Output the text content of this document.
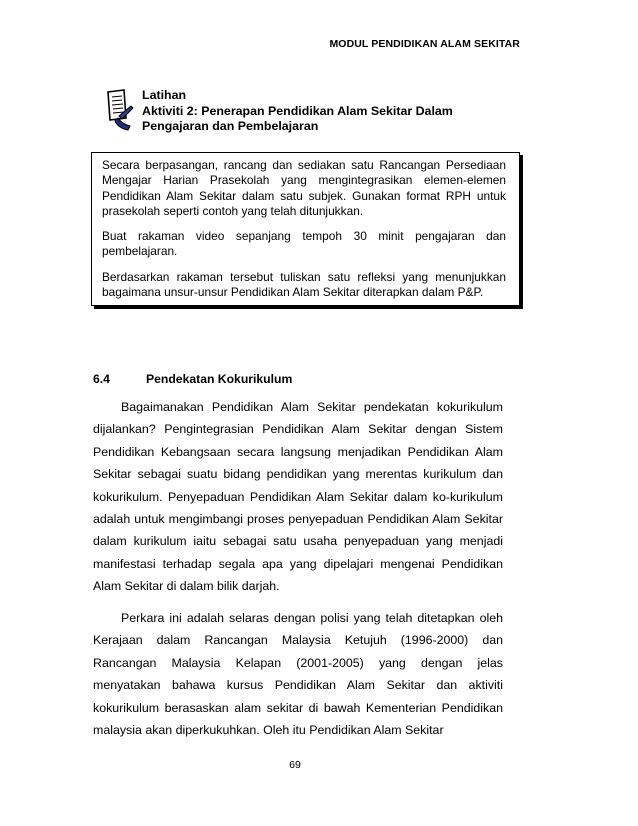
MODUL PENDIDIKAN ALAM SEKITAR
Latihan
Aktiviti 2: Penerapan Pendidikan Alam Sekitar Dalam
Pengajaran dan Pembelajaran

Secara berpasangan, rancang dan sediakan satu Rancangan Persediaan Mengajar Harian Prasekolah yang mengintegrasikan elemen-elemen Pendidikan Alam Sekitar dalam satu subjek. Gunakan format RPH untuk prasekolah seperti contoh yang telah ditunjukkan.

Buat rakaman video sepanjang tempoh 30 minit pengajaran dan pembelajaran.

Berdasarkan rakaman tersebut tuliskan satu refleksi yang menunjukkan bagaimana unsur-unsur Pendidikan Alam Sekitar diterapkan dalam P&P.

6.4	Pendekatan Kokurikulum

Bagaimanakan Pendidikan Alam Sekitar pendekatan kokurikulum dijalankan? Pengintegrasian Pendidikan Alam Sekitar dengan Sistem Pendidikan Kebangsaan secara langsung menjadikan Pendidikan Alam Sekitar sebagai suatu bidang pendidikan yang merentas kurikulum dan kokurikulum. Penyepaduan Pendidikan Alam Sekitar dalam ko-kurikulum adalah untuk mengimbangi proses penyepaduan Pendidikan Alam Sekitar dalam kurikulum iaitu sebagai satu usaha penyepaduan yang menjadi manifestasi terhadap segala apa yang dipelajari mengenai Pendidikan Alam Sekitar di dalam bilik darjah.

Perkara ini adalah selaras dengan polisi yang telah ditetapkan oleh Kerajaan dalam Rancangan Malaysia Ketujuh (1996-2000) dan Rancangan Malaysia Kelapan (2001-2005) yang dengan jelas menyatakan bahawa kursus Pendidikan Alam Sekitar dan aktiviti kokurikulum berasaskan alam sekitar di bawah Kementerian Pendidikan malaysia akan diperkukuhkan. Oleh itu Pendidikan Alam Sekitar

69
